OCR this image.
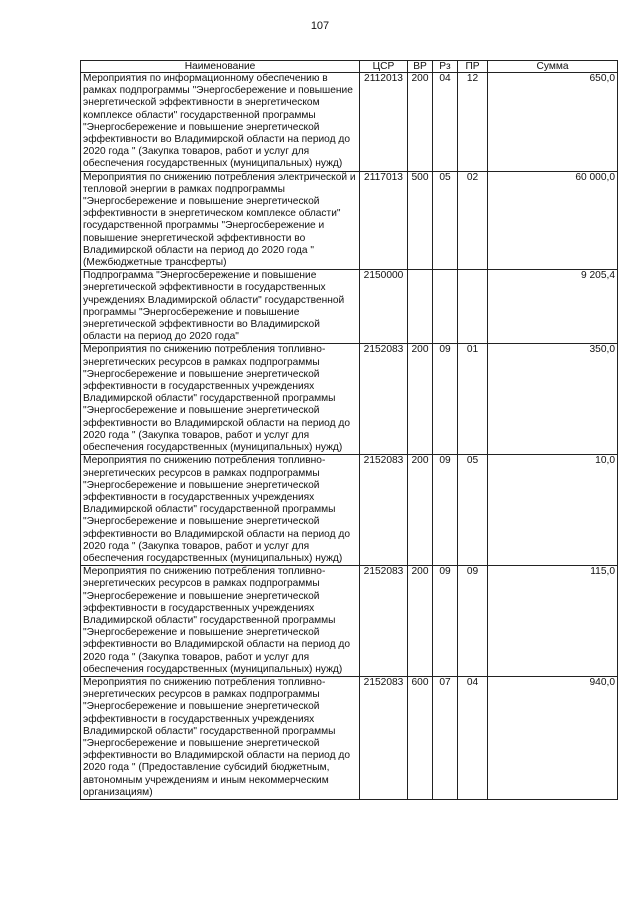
107
Наименование	ЦСР	ВР	Рз	ПР	Сумма
Мероприятия по информационному обеспечению в рамках подпрограммы "Энергосбережение и повышение энергетической эффективности в энергетическом комплексе области" государственной программы "Энергосбережение и повышение энергетической эффективности во Владимирской области на период до 2020 года " (Закупка товаров, работ и услуг для обеспечения государственных (муниципальных) нужд)	2112013	200	04	12	650,0
Мероприятия по снижению потребления электрической и тепловой энергии в рамках подпрограммы "Энергосбережение и повышение энергетической эффективности в энергетическом комплексе области" государственной программы "Энергосбережение и повышение энергетической эффективности во Владимирской области на период до 2020 года " (Межбюджетные трансферты)	2117013	500	05	02	60 000,0
Подпрограмма "Энергосбережение и повышение энергетической эффективности в государственных учреждениях Владимирской области" государственной программы "Энергосбережение и повышение энергетической эффективности во Владимирской области на период до 2020 года"	2150000				9 205,4
Мероприятия по снижению потребления топливно-энергетических ресурсов в рамках подпрограммы "Энергосбережение и повышение энергетической эффективности в государственных учреждениях Владимирской области" государственной программы "Энергосбережение и повышение энергетической эффективности во Владимирской области на период до 2020 года " (Закупка товаров, работ и услуг для обеспечения государственных (муниципальных) нужд)	2152083	200	09	01	350,0
Мероприятия по снижению потребления топливно-энергетических ресурсов в рамках подпрограммы "Энергосбережение и повышение энергетической эффективности в государственных учреждениях Владимирской области" государственной программы "Энергосбережение и повышение энергетической эффективности во Владимирской области на период до 2020 года " (Закупка товаров, работ и услуг для обеспечения государственных (муниципальных) нужд)	2152083	200	09	05	10,0
Мероприятия по снижению потребления топливно-энергетических ресурсов в рамках подпрограммы "Энергосбережение и повышение энергетической эффективности в государственных учреждениях Владимирской области" государственной программы "Энергосбережение и повышение энергетической эффективности во Владимирской области на период до 2020 года " (Закупка товаров, работ и услуг для обеспечения государственных (муниципальных) нужд)	2152083	200	09	09	115,0
Мероприятия по снижению потребления топливно-энергетических ресурсов в рамках подпрограммы "Энергосбережение и повышение энергетической эффективности в государственных учреждениях Владимирской области" государственной программы "Энергосбережение и повышение энергетической эффективности во Владимирской области на период до 2020 года " (Предоставление субсидий бюджетным, автономным учреждениям и иным некоммерческим организациям)	2152083	600	07	04	940,0
